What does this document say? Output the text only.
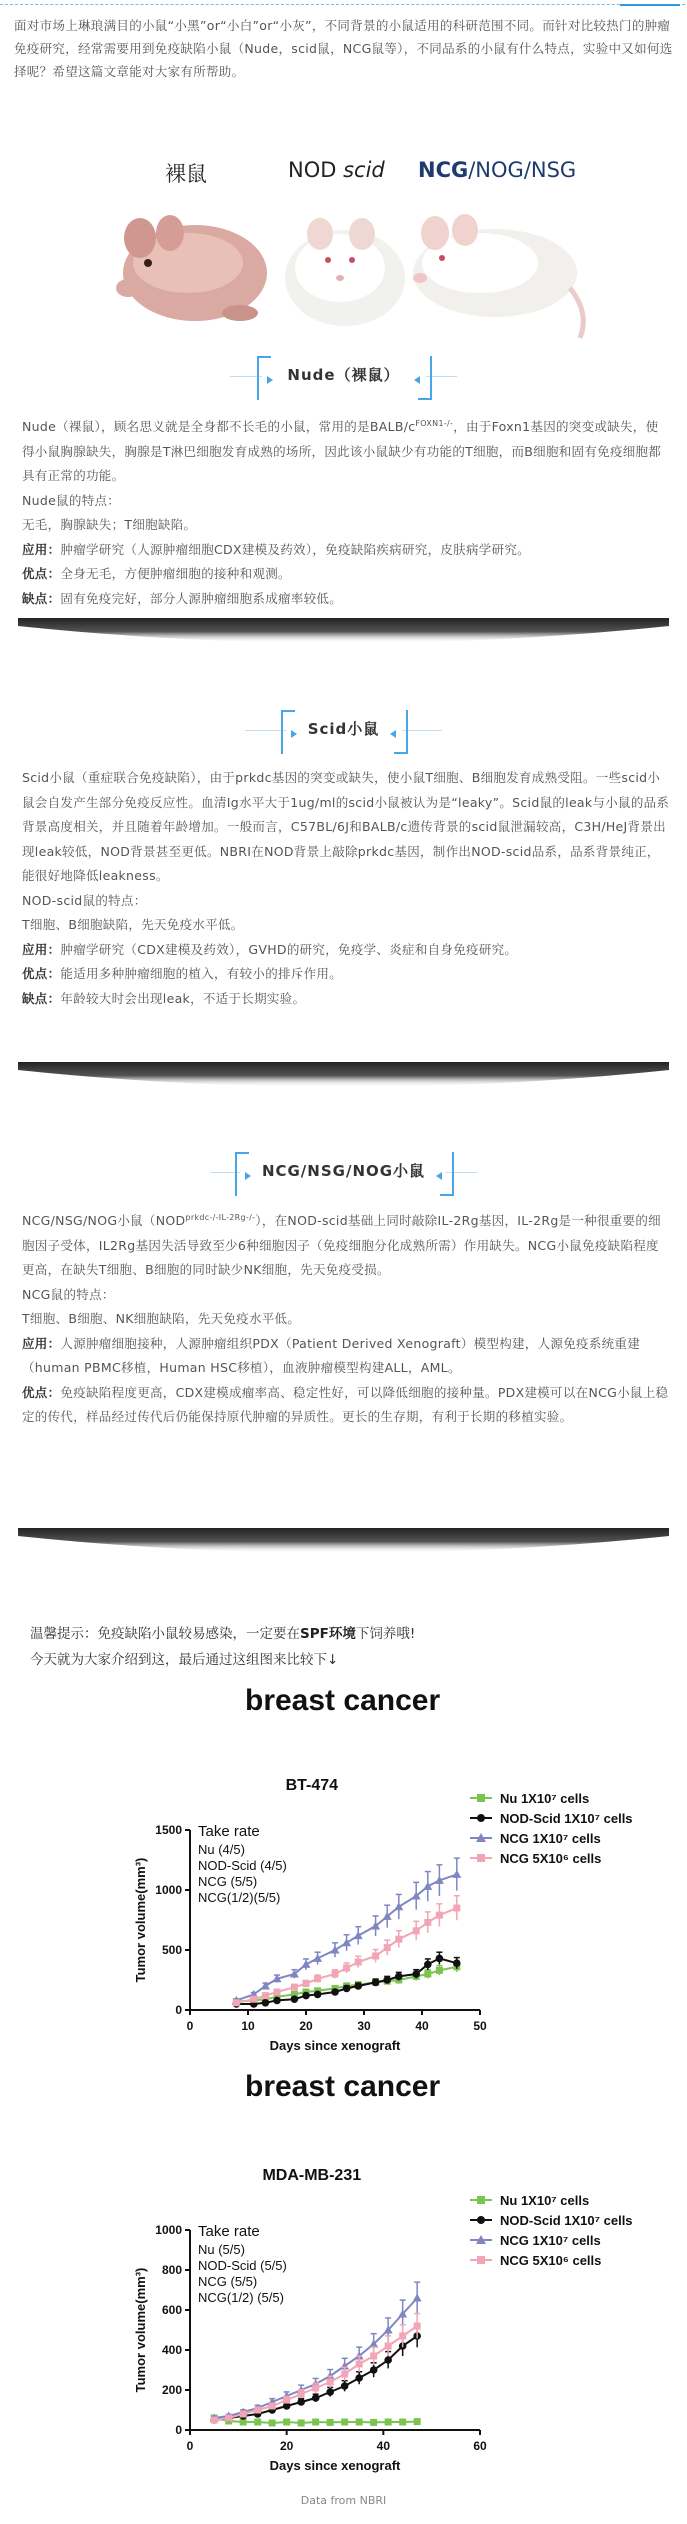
面对市场上琳琅满目的小鼠“小黑”or“小白”or“小灰”，不同背景的小鼠适用的科研范围不同。而针对比较热门的肿瘤免疫研究，经常需要用到免疫缺陷小鼠（Nude，scid鼠，NCG鼠等），不同品系的小鼠有什么特点，实验中又如何选择呢？希望这篇文章能对大家有所帮助。
裸鼠	NOD scid NCG/NOG/NSG
Nude（裸鼠）
Nude（裸鼠），顾名思义就是全身都不长毛的小鼠，常用的是BALB/$c^{FOXN1-/-}$，由于Foxn1基因的突变或缺失，使得小鼠胸腺缺失，胸腺是T淋巴细胞发育成熟的场所，因此该小鼠缺少有功能的T细胞，而B细胞和固有免疫细胞都具有正常的功能。
Nude鼠的特点：
无毛，胸腺缺失；T细胞缺陷。
应用：肿瘤学研究（人源肿瘤细胞CDX建模及药效），免疫缺陷疾病研究，皮肤病学研究。
优点：全身无毛，方便肿瘤细胞的接种和观测。
缺点：固有免疫完好，部分人源肿瘤细胞系成瘤率较低。
Scid小鼠
Scid小鼠（重症联合免疫缺陷），由于prkdc基因的突变或缺失，使小鼠T细胞、B细胞发育成熟受阻。一些scid小鼠会自发产生部分免疫反应性。血清Ig水平大于1ug/ml的scid小鼠被认为是“leaky”。Scid鼠的leak与小鼠的品系背景高度相关，并且随着年龄增加。一般而言，C57BL/6J和BALB/c遗传背景的scid鼠泄漏较高，C3H/HeJ背景出现leak较低，NOD背景甚至更低。NBRI在NOD背景上敲除prkdc基因，制作出NOD-scid品系，品系背景纯正，能很好地降低leakness。
NOD-scid鼠的特点：
T细胞、B细胞缺陷，先天免疫水平低。
应用：肿瘤学研究（CDX建模及药效），GVHD的研究，免疫学、炎症和自身免疫研究。
优点：能适用多种肿瘤细胞的植入，有较小的排斥作用。
缺点：年龄较大时会出现leak，不适于长期实验。
NCG/NSG/NOG小鼠
NCG/NSG/NOG小鼠$(NOD^{prkdc-/-IL-2Rg-/-})$，在NOD-scid基础上同时敲除IL-2Rg基因，IL-2Rg是一种很重要的细胞因子受体，IL2Rg基因失活导致至少6种细胞因子（免疫细胞分化成熟所需）作用缺失。NCG小鼠免疫缺陷程度更高，在缺失T细胞、B细胞的同时缺少NK细胞，先天免疫受损。
NCG鼠的特点：
T细胞、B细胞、NK细胞缺陷，先天免疫水平低。
应用：人源肿瘤细胞接种，人源肿瘤组织PDX（Patient Derived Xenograft）模型构建，人源免疫系统重建（human PBMC移植，Human HSC移植），血液肿瘤模型构建ALL，AML。
优点：免疫缺陷程度更高，CDX建模成瘤率高、稳定性好，可以降低细胞的接种量。PDX建模可以在NCG小鼠上稳定的传代，样品经过传代后仍能保持原代肿瘤的异质性。更长的生存期，有利于长期的移植实验。
温馨提示：免疫缺陷小鼠较易感染，一定要在SPF环境下饲养哦!
今天就为大家介绍到这，最后通过这组图来比较下↓
breast cancer
BT-474
0
500
1000
1500
0	10	20	30	40	50
Days since xenograft
Tumor volume(mm³)
Take rate
Nu (4/5)
NOD-Scid (4/5)
NCG (5/5)
NCG(1/2)(5/5)
Nu 1X10⁷ cells
NOD-Scid 1X10⁷ cells
NCG 1X10⁷ cells
NCG 5X10⁶ cells
breast cancer
MDA-MB-231
0
200
400
600
800
1000
0	20	40	60
Days since xenograft
Tumor volume(mm³)
Take rate
Nu (5/5)
NOD-Scid (5/5)
NCG (5/5)
NCG(1/2) (5/5)
Nu 1X10⁷ cells
NOD-Scid 1X10⁷ cells
NCG 1X10⁷ cells
NCG 5X10⁶ cells
Data from NBRI
